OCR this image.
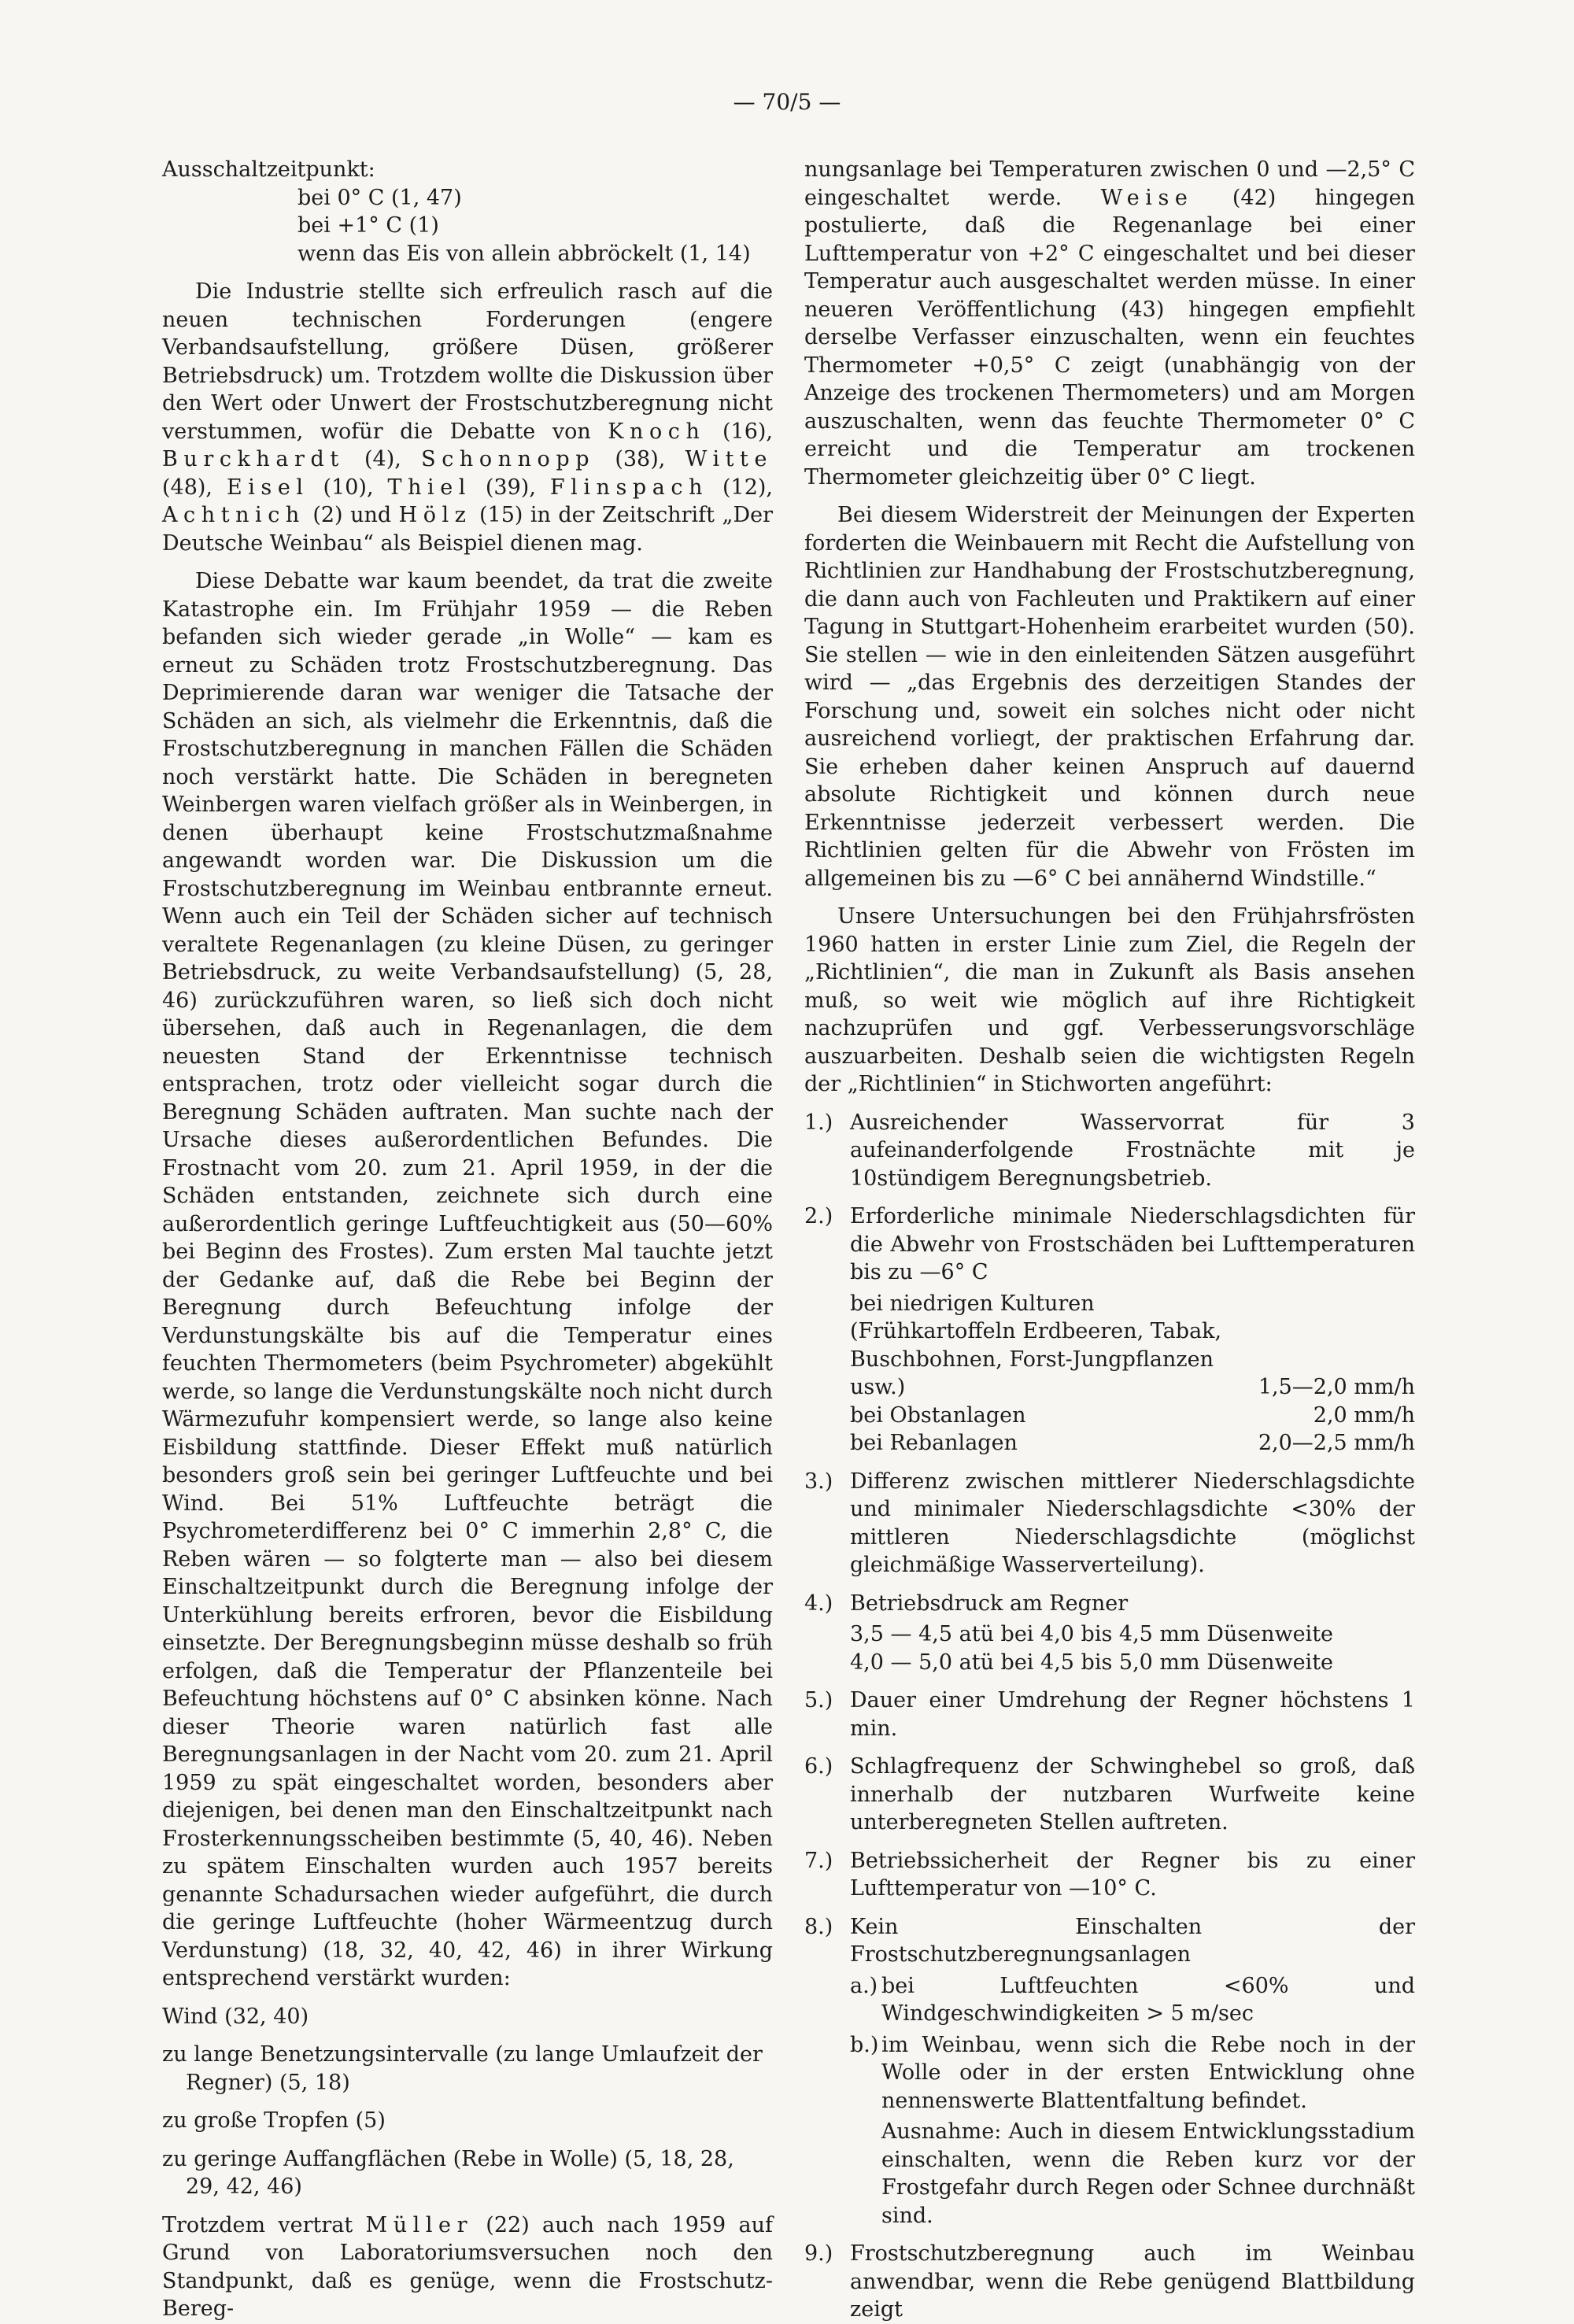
— 70/5 —

Ausschaltzeitpunkt:

bei 0° C (1, 47)

bei +1° C (1)

wenn das Eis von allein abbröckelt (1, 14)

Die Industrie stellte sich erfreulich rasch auf die neuen technischen Forderungen (engere Verbandsaufstellung, größere Düsen, größerer Betriebsdruck) um. Trotzdem wollte die Diskussion über den Wert oder Unwert der Frostschutzberegnung nicht verstummen, wofür die Debatte von Knoch (16), Burckhardt (4), Schonnopp (38), Witte (48), Eisel (10), Thiel (39), Flinspach (12), Achtnich (2) und Hölz (15) in der Zeitschrift „Der Deutsche Weinbau“ als Beispiel dienen mag.

Diese Debatte war kaum beendet, da trat die zweite Katastrophe ein. Im Frühjahr 1959 — die Reben befanden sich wieder gerade „in Wolle“ — kam es erneut zu Schäden trotz Frostschutzberegnung. Das Deprimierende daran war weniger die Tatsache der Schäden an sich, als vielmehr die Erkenntnis, daß die Frostschutzberegnung in manchen Fällen die Schäden noch verstärkt hatte. Die Schäden in beregneten Weinbergen waren vielfach größer als in Weinbergen, in denen überhaupt keine Frostschutzmaßnahme angewandt worden war. Die Diskussion um die Frostschutzberegnung im Weinbau entbrannte erneut. Wenn auch ein Teil der Schäden sicher auf technisch veraltete Regenanlagen (zu kleine Düsen, zu geringer Betriebsdruck, zu weite Verbandsaufstellung) (5, 28, 46) zurückzuführen waren, so ließ sich doch nicht übersehen, daß auch in Regenanlagen, die dem neuesten Stand der Erkenntnisse technisch entsprachen, trotz oder vielleicht sogar durch die Beregnung Schäden auftraten. Man suchte nach der Ursache dieses außerordentlichen Befundes. Die Frostnacht vom 20. zum 21. April 1959, in der die Schäden entstanden, zeichnete sich durch eine außerordentlich geringe Luftfeuchtigkeit aus (50—60% bei Beginn des Frostes). Zum ersten Mal tauchte jetzt der Gedanke auf, daß die Rebe bei Beginn der Beregnung durch Befeuchtung infolge der Verdunstungskälte bis auf die Temperatur eines feuchten Thermometers (beim Psychrometer) abgekühlt werde, so lange die Verdunstungskälte noch nicht durch Wärmezufuhr kompensiert werde, so lange also keine Eisbildung stattfinde. Dieser Effekt muß natürlich besonders groß sein bei geringer Luftfeuchte und bei Wind. Bei 51% Luftfeuchte beträgt die Psychrometerdifferenz bei 0° C immerhin 2,8° C, die Reben wären — so folgterte man — also bei diesem Einschaltzeitpunkt durch die Beregnung infolge der Unterkühlung bereits erfroren, bevor die Eisbildung einsetzte. Der Beregnungsbeginn müsse deshalb so früh erfolgen, daß die Temperatur der Pflanzenteile bei Befeuchtung höchstens auf 0° C absinken könne. Nach dieser Theorie waren natürlich fast alle Beregnungsanlagen in der Nacht vom 20. zum 21. April 1959 zu spät eingeschaltet worden, besonders aber diejenigen, bei denen man den Einschaltzeitpunkt nach Frosterkennungsscheiben bestimmte (5, 40, 46). Neben zu spätem Einschalten wurden auch 1957 bereits genannte Schadursachen wieder aufgeführt, die durch die geringe Luftfeuchte (hoher Wärmeentzug durch Verdunstung) (18, 32, 40, 42, 46) in ihrer Wirkung entsprechend verstärkt wurden:

Wind (32, 40)

zu lange Benetzungsintervalle (zu lange Umlaufzeit der Regner) (5, 18)

zu große Tropfen (5)

zu geringe Auffangflächen (Rebe in Wolle) (5, 18, 28, 29, 42, 46)

Trotzdem vertrat Müller (22) auch nach 1959 auf Grund von Laboratoriumsversuchen noch den Standpunkt, daß es genüge, wenn die Frostschutz-Bereg-

nungsanlage bei Temperaturen zwischen 0 und —2,5° C eingeschaltet werde. Weise (42) hingegen postulierte, daß die Regenanlage bei einer Lufttemperatur von +2° C eingeschaltet und bei dieser Temperatur auch ausgeschaltet werden müsse. In einer neueren Veröffentlichung (43) hingegen empfiehlt derselbe Verfasser einzuschalten, wenn ein feuchtes Thermometer +0,5° C zeigt (unabhängig von der Anzeige des trockenen Thermometers) und am Morgen auszuschalten, wenn das feuchte Thermometer 0° C erreicht und die Temperatur am trockenen Thermometer gleichzeitig über 0° C liegt.

Bei diesem Widerstreit der Meinungen der Experten forderten die Weinbauern mit Recht die Aufstellung von Richtlinien zur Handhabung der Frostschutzberegnung, die dann auch von Fachleuten und Praktikern auf einer Tagung in Stuttgart-Hohenheim erarbeitet wurden (50). Sie stellen — wie in den einleitenden Sätzen ausgeführt wird — „das Ergebnis des derzeitigen Standes der Forschung und, soweit ein solches nicht oder nicht ausreichend vorliegt, der praktischen Erfahrung dar. Sie erheben daher keinen Anspruch auf dauernd absolute Richtigkeit und können durch neue Erkenntnisse jederzeit verbessert werden. Die Richtlinien gelten für die Abwehr von Frösten im allgemeinen bis zu —6° C bei annähernd Windstille.“

Unsere Untersuchungen bei den Frühjahrsfrösten 1960 hatten in erster Linie zum Ziel, die Regeln der „Richtlinien“, die man in Zukunft als Basis ansehen muß, so weit wie möglich auf ihre Richtigkeit nachzuprüfen und ggf. Verbesserungsvorschläge auszuarbeiten. Deshalb seien die wichtigsten Regeln der „Richtlinien“ in Stichworten angeführt:

1.) Ausreichender Wasservorrat für 3 aufeinanderfolgende Frostnächte mit je 10stündigem Beregnungsbetrieb.
2.) Erforderliche minimale Niederschlagsdichten für die Abwehr von Frostschäden bei Lufttemperaturen bis zu —6° C
bei niedrigen Kulturen (Frühkartoffeln Erdbeeren, Tabak, Buschbohnen, Forst-Jungpflanzen usw.)	1,5—2,0 mm/h
bei Obstanlagen	2,0 mm/h
bei Rebanlagen	2,0—2,5 mm/h
3.) Differenz zwischen mittlerer Niederschlagsdichte und minimaler Niederschlagsdichte <30% der mittleren Niederschlagsdichte (möglichst gleichmäßige Wasserverteilung).
4.) Betriebsdruck am Regner
3,5 — 4,5 atü bei 4,0 bis 4,5 mm Düsenweite
4,0 — 5,0 atü bei 4,5 bis 5,0 mm Düsenweite
5.) Dauer einer Umdrehung der Regner höchstens 1 min.
6.) Schlagfrequenz der Schwinghebel so groß, daß innerhalb der nutzbaren Wurfweite keine unterberegneten Stellen auftreten.
7.) Betriebssicherheit der Regner bis zu einer Lufttemperatur von —10° C.
8.) Kein Einschalten der Frostschutzberegnungsanlagen
a.) bei Luftfeuchten <60% und Windgeschwindigkeiten > 5 m/sec
b.) im Weinbau, wenn sich die Rebe noch in der Wolle oder in der ersten Entwicklung ohne nennenswerte Blattentfaltung befindet.
Ausnahme: Auch in diesem Entwicklungsstadium einschalten, wenn die Reben kurz vor der Frostgefahr durch Regen oder Schnee durchnäßt sind.
9.) Frostschutzberegnung auch im Weinbau anwendbar, wenn die Rebe genügend Blattbildung zeigt
